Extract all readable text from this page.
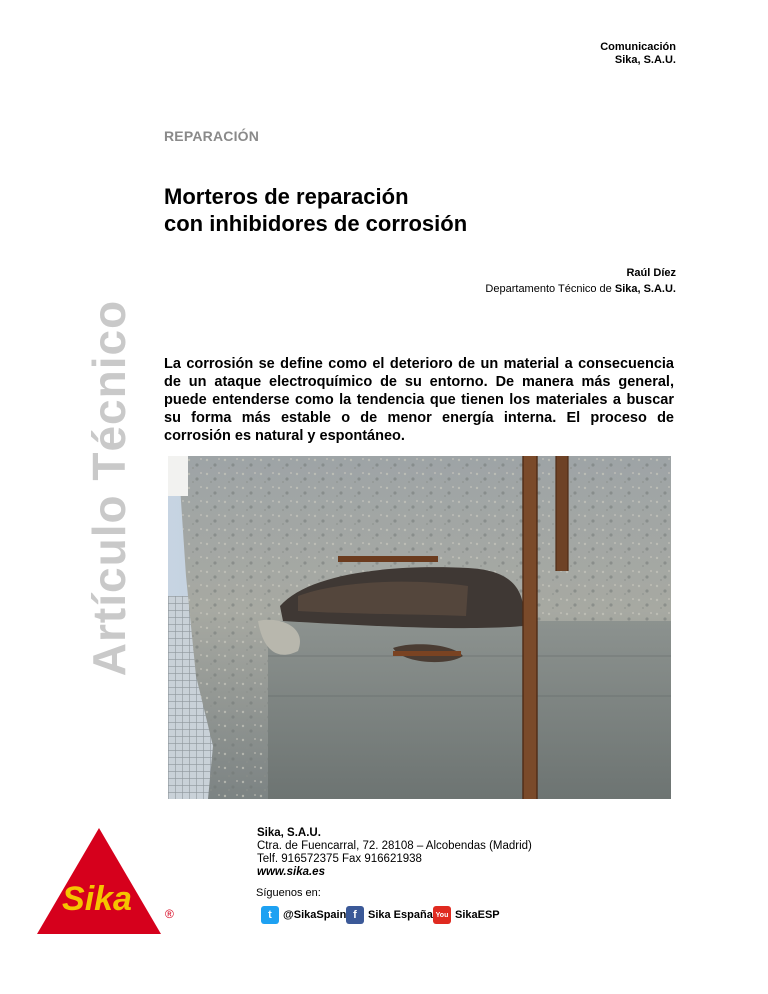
Comunicación
Sika, S.A.U.
REPARACIÓN
Morteros de reparación
con inhibidores de corrosión
Raúl Díez
Departamento Técnico de Sika, S.A.U.
Artículo Técnico La corrosión se define como el deterioro de un material a consecuencia de un ataque electroquímico de su entorno. De manera más general, puede entenderse como la tendencia que tienen los materiales a buscar su forma más estable o de menor energía interna. El proceso de corrosión es natural y espontáneo.

Sika, S.A.U.
Ctra. de Fuencarral, 72. 28108 – Alcobendas (Madrid)
Telf. 916572375 Fax 916621938
www.sika.es
Síguenos en:
t	@SikaSpain f	Sika España You SikaESP
Sika	®
